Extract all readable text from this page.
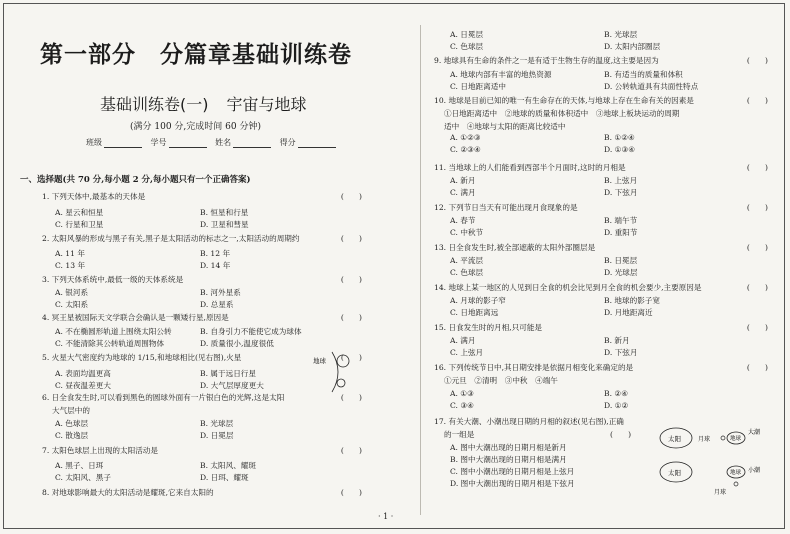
第一部分　分篇章基础训练卷
基础训练卷(一) 宇宙与地球
(满分 100 分,完成时间 60 分钟)
班级	学号	姓名	得分
一、选择题(共 70 分,每小题 2 分,每小题只有一个正确答案)
1. 下列天体中,最基本的天体是	(　　)
A. 星云和恒星	B. 恒星和行星
C. 行星和卫星	D. 卫星和彗星
2. 太阳风暴的形成与黑子有关,黑子是太阳活动的标志之一,太阳活动的周期约	(　　)
A. 11 年	B. 12 年
C. 13 年	D. 14 年
3. 下列天体系统中,最低一级的天体系统是	(　　)
A. 银河系	B. 河外星系
C. 太阳系	D. 总星系
4. 冥王星被国际天文学联合会确认是一颗矮行星,原因是	(　　)
A. 不在椭圆形轨道上围绕太阳公转	B. 自身引力不能使它成为球体
C. 不能清除其公转轨道周围物体	D. 质量很小,温度很低
5. 火星大气密度约为地球的 1/15,和地球相比(见右图),火星	(　　)
A. 表面均温更高	B. 属于远日行星
C. 昼夜温差更大	D. 大气层厚度更大
6. 日全食发生时,可以看到黑色的圆球外面有一片银白色的光辉,这是太阳	(　　)
大气层中的
A. 色球层	B. 光球层
C. 散逸层	D. 日冕层
7. 太阳色球层上出现的太阳活动是	(　　)
A. 黑子、日珥	B. 太阳风、耀斑
C. 太阳风、黑子	D. 日珥、耀斑
8. 对地球影响最大的太阳活动是耀斑,它来自太阳的	(　　)
A. 日冕层	B. 光球层
C. 色球层	D. 太阳内部圈层
9. 地球具有生命的条件之一是有适于生物生存的温度,这主要是因为	(　　)
A. 地球内部有丰富的地热资源	B. 有适当的质量和体积
C. 日地距离适中	D. 公转轨道具有共面性特点
10. 地球是目前已知的唯一有生命存在的天体,与地球上存在生命有关的因素是	(　　)
①日地距离适中　②地球的质量和体积适中　③地球上板块运动的周期
适中　④地球与太阳的距离比较适中
A. ①②③	B. ①②④
C. ②③④	D. ①③④
11. 当地球上的人们能看到西部半个月面时,这时的月相是	(　　)
A. 新月	B. 上弦月
C. 满月	D. 下弦月
12. 下列节日当天有可能出现月食现象的是	(　　)
A. 春节	B. 端午节
C. 中秋节	D. 重阳节
13. 日全食发生时,被全部遮蔽的太阳外部圈层是	(　　)
A. 平流层	B. 日冕层
C. 色球层	D. 光球层
14. 地球上某一地区的人见到日全食的机会比见到月全食的机会要少,主要原因是	(　　)
A. 月球的影子窄	B. 地球的影子宽
C. 日地距离远	D. 月地距离近
15. 日食发生时的月相,只可能是	(　　)
A. 满月	B. 新月
C. 上弦月	D. 下弦月
16. 下列传统节日中,其日期安排是依据月相变化来确定的是	(　　)
①元旦　②清明　③中秋　④端午
A. ①③	B. ②④
C. ③④	D. ①②
17. 有关大潮、小潮出现日期的月相的叙述(见右图),正确
的一组是	(　　)
A. 图中大潮出现的日期月相是新月
B. 图中大潮出现的日期月相是满月
C. 图中小潮出现的日期月相是上弦月
D. 图中大潮出现的日期月相是下弦月
地球
太阳	月球	地球
大潮
太阳	地球
月球
小潮
· 1 ·
